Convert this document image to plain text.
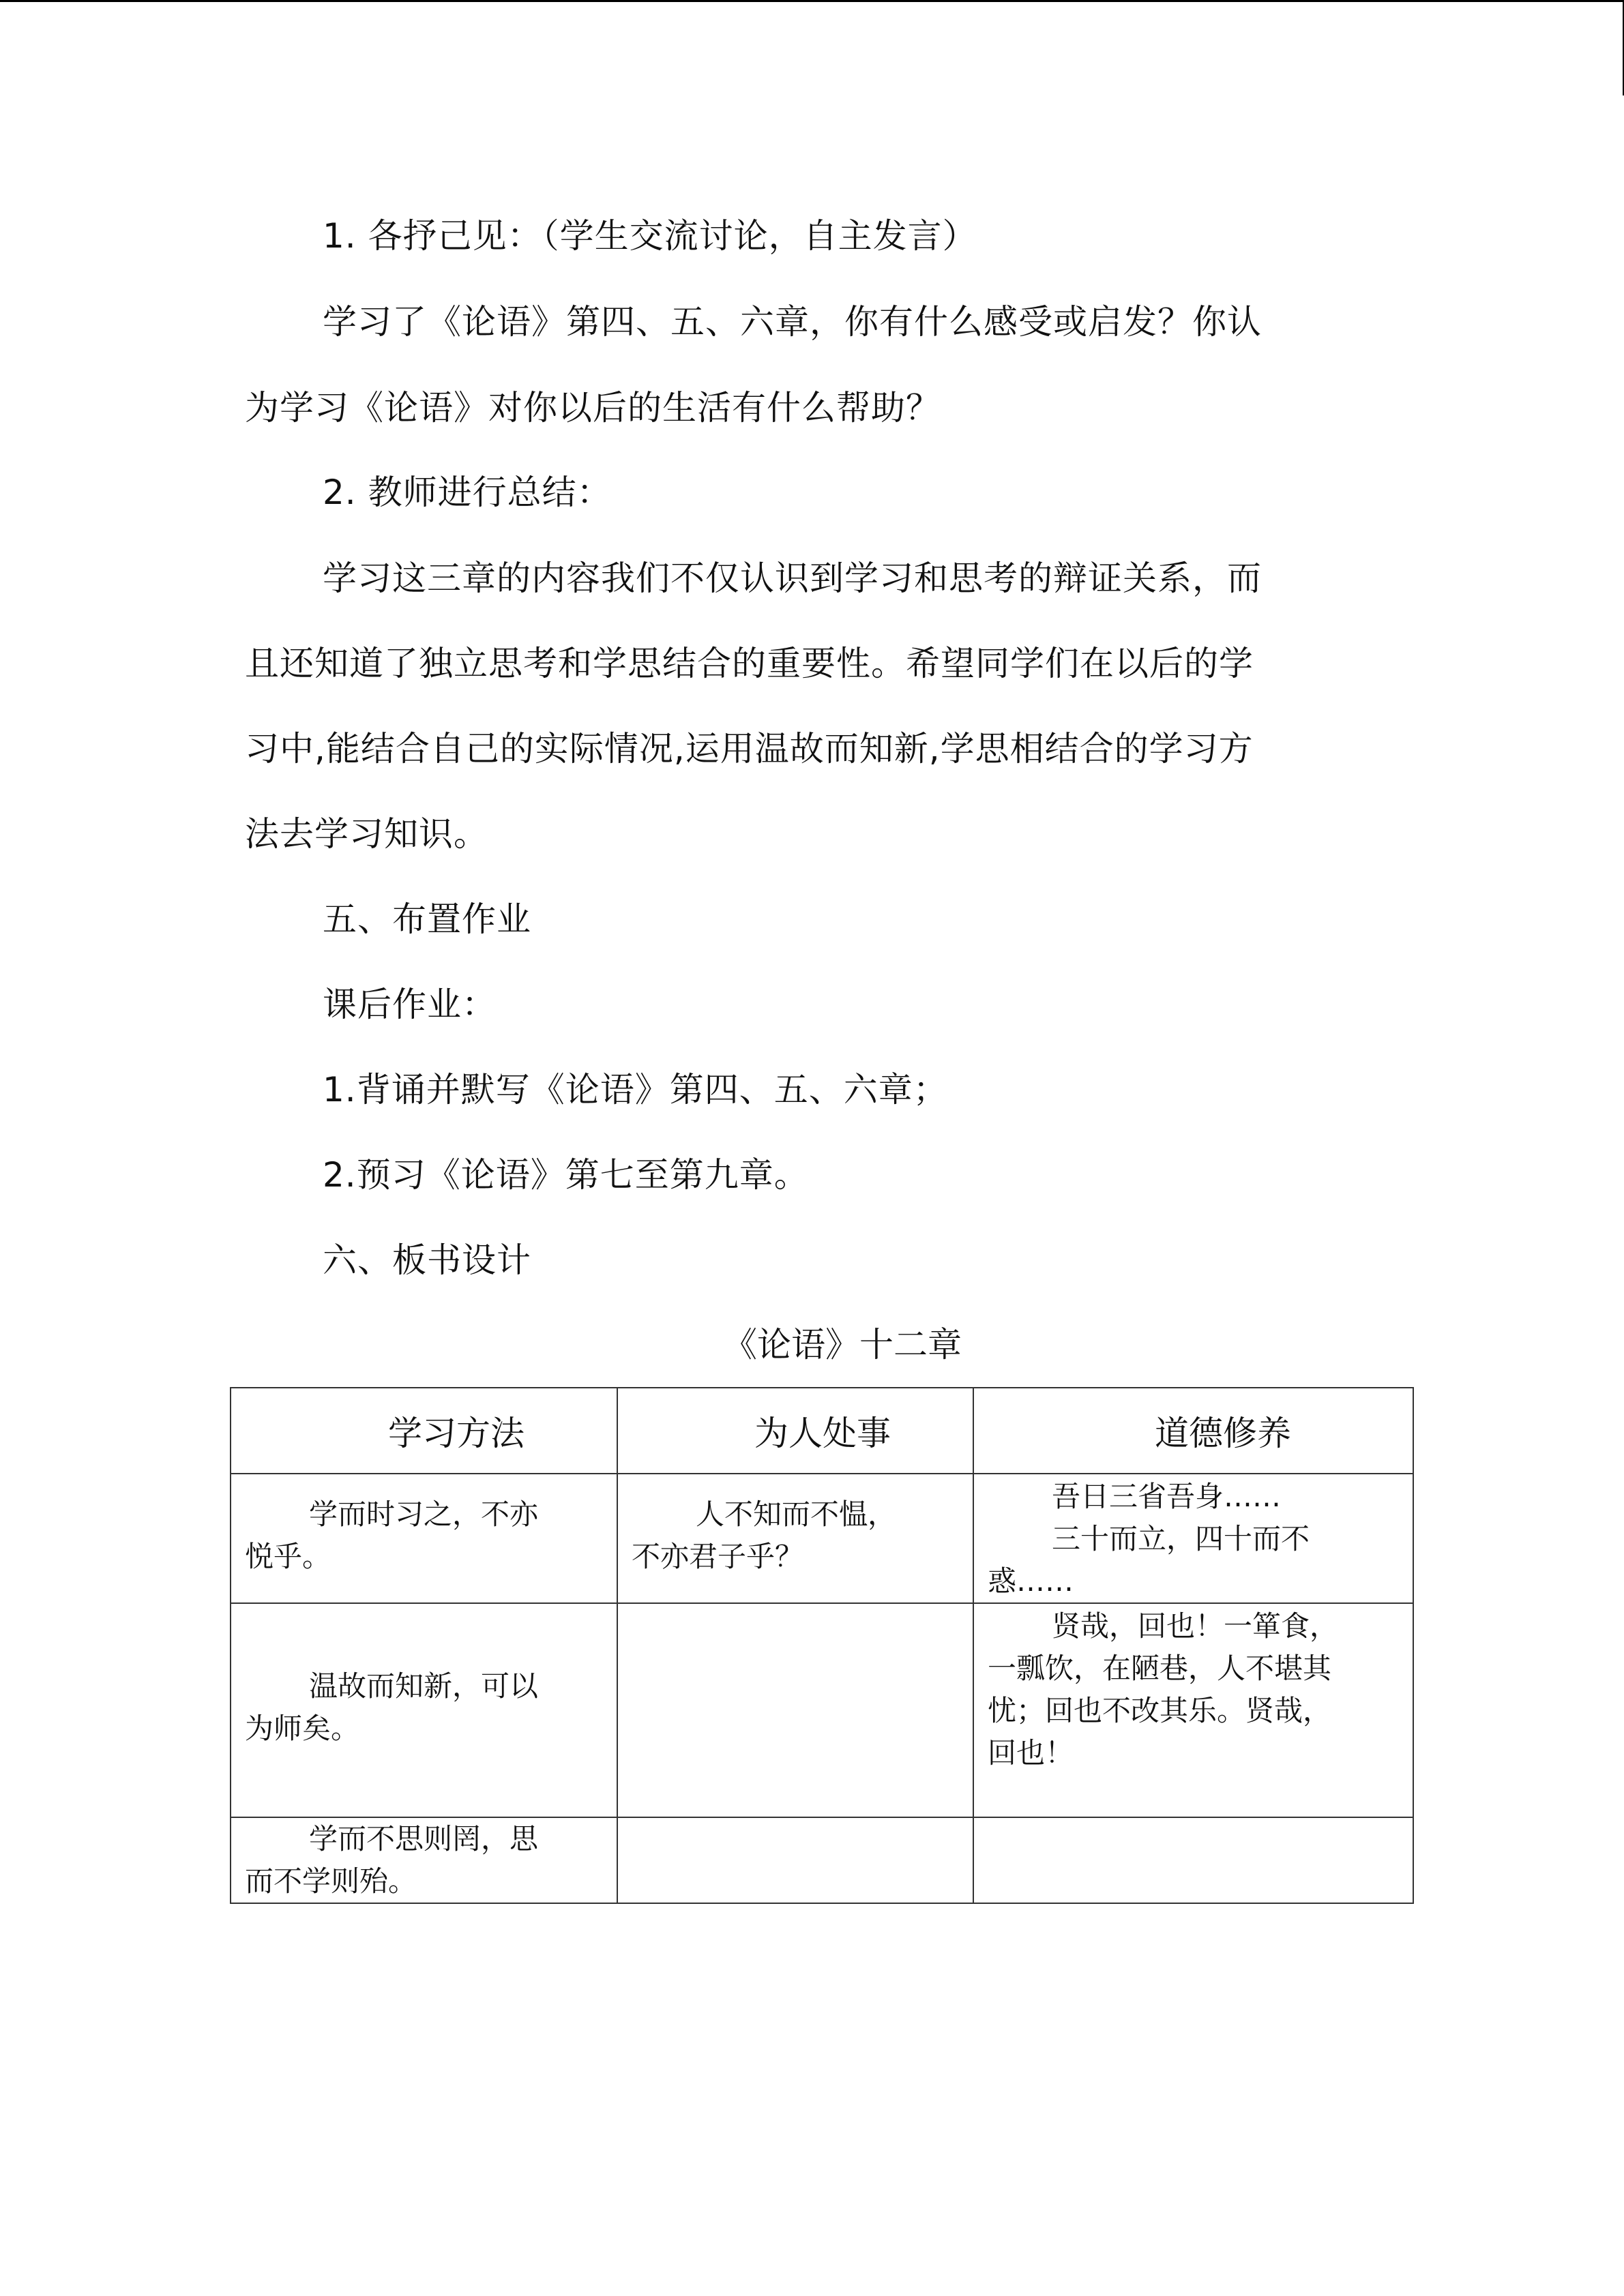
1. 各抒己见：（学生交流讨论，自主发言）
学习了《论语》第四、五、六章，你有什么感受或启发？你认
为学习《论语》对你以后的生活有什么帮助？
2. 教师进行总结：
学习这三章的内容我们不仅认识到学习和思考的辩证关系，而
且还知道了独立思考和学思结合的重要性。希望同学们在以后的学
习中,能结合自己的实际情况,运用温故而知新,学思相结合的学习方
法去学习知识。
五、布置作业
课后作业：
1.背诵并默写《论语》第四、五、六章；
2.预习《论语》第七至第九章。
六、板书设计
《论语》十二章
学习方法	为人处事	道德修养

学而时习之，不亦
悦乎。	人不知而不愠，
不亦君子乎？	吾日三省吾身……
三十而立，四十而不
惑……

温故而知新，可以
为师矣。		贤哉，回也！一箪食，
一瓢饮，在陋巷，人不堪其
忧；回也不改其乐。贤哉，
回也！

学而不思则罔，思
而不学则殆。		
